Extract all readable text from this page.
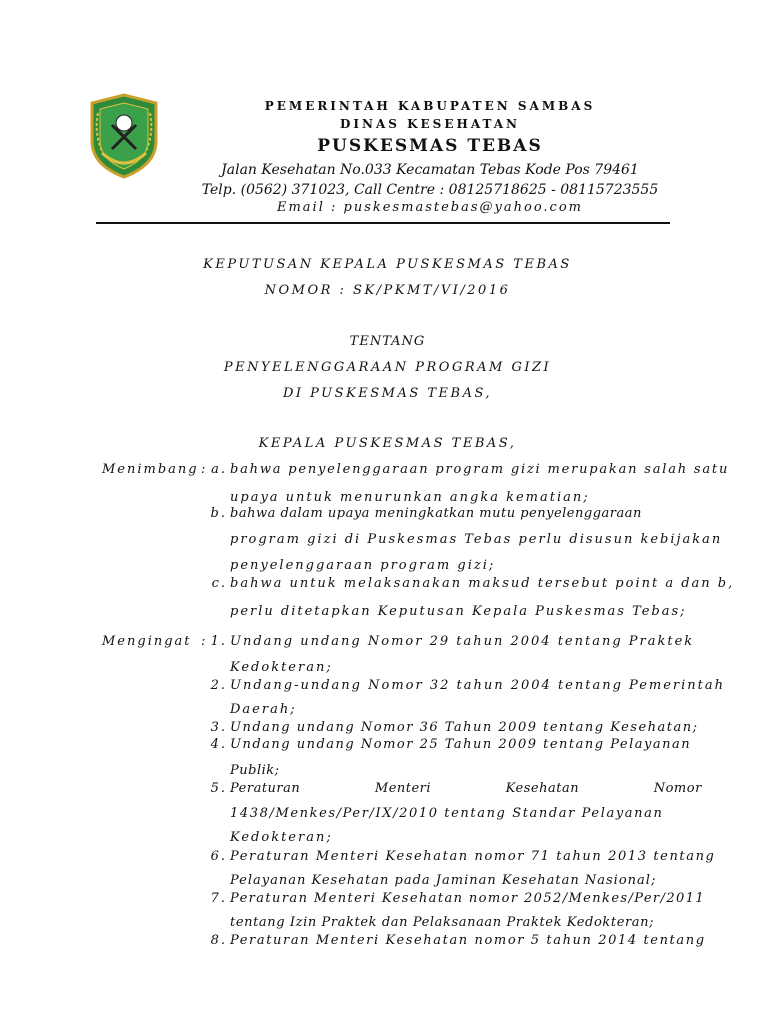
PEMERINTAH KABUPATEN SAMBAS
DINAS KESEHATAN
PUSKESMAS TEBAS
Jalan Kesehatan No.033 Kecamatan Tebas Kode Pos 79461
Telp. (0562) 371023, Call Centre : 08125718625 - 08115723555
Email : puskesmastebas@yahoo.com
KEPUTUSAN KEPALA PUSKESMAS TEBAS
NOMOR : SK/PKMT/VI/2016
TENTANG
PENYELENGGARAAN PROGRAM GIZI
DI PUSKESMAS TEBAS,
KEPALA PUSKESMAS TEBAS,
Menimbang : a. bahwa penyelenggaraan program gizi merupakan salah satu
upaya untuk menurunkan angka kematian;
b. bahwa dalam upaya meningkatkan mutu penyelenggaraan
program gizi di Puskesmas Tebas perlu disusun kebijakan
penyelenggaraan program gizi;
c. bahwa untuk melaksanakan maksud tersebut point a dan b,
perlu ditetapkan Keputusan Kepala Puskesmas Tebas;
Mengingat : 1. Undang undang Nomor 29 tahun 2004 tentang Praktek
Kedokteran;
2. Undang-undang Nomor 32 tahun 2004 tentang Pemerintah
Daerah;
3. Undang undang Nomor 36 Tahun 2009 tentang Kesehatan;
4. Undang undang Nomor 25 Tahun 2009 tentang Pelayanan
Publik;
5. Peraturan Menteri Kesehatan Nomor
1438/Menkes/Per/IX/2010 tentang Standar Pelayanan
Kedokteran;
6. Peraturan Menteri Kesehatan nomor 71 tahun 2013 tentang
Pelayanan Kesehatan pada Jaminan Kesehatan Nasional;
7. Peraturan Menteri Kesehatan nomor 2052/Menkes/Per/2011
tentang Izin Praktek dan Pelaksanaan Praktek Kedokteran;
8. Peraturan Menteri Kesehatan nomor 5 tahun 2014 tentang
